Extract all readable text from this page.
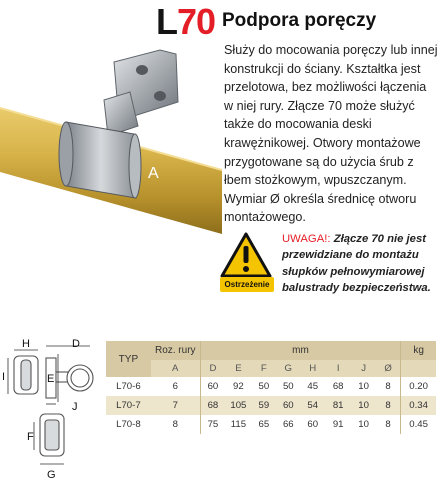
A
L70 Podpora poręczy
Służy do mocowania poręczy lub innej
konstrukcji do ściany. Kształtka jest
przelotowa, bez możliwości łączenia
w niej rury. Złącze 70 może służyć
także do mocowania deski
krawężnikowej. Otwory montażowe
przygotowane są do użycia śrub z
łbem stożkowym, wpuszczanym.
Wymiar Ø określa średnicę otworu
montażowego.
Ostrzeżenie
UWAGA!: Złącze 70 nie jest
przewidziane do montażu
słupków pełnowymiarowej
balustrady bezpieczeństwa.
H
I
D
E
J
F
G
TYP	Roz. rury	mm								kg
	A	D	E	F	G	H	I	J	Ø	
L70-6	6	60	92	50	50	45	68	10	8	0.20
L70-7	7	68	105	59	60	54	81	10	8	0.34
L70-8	8	75	115	65	66	60	91	10	8	0.45
